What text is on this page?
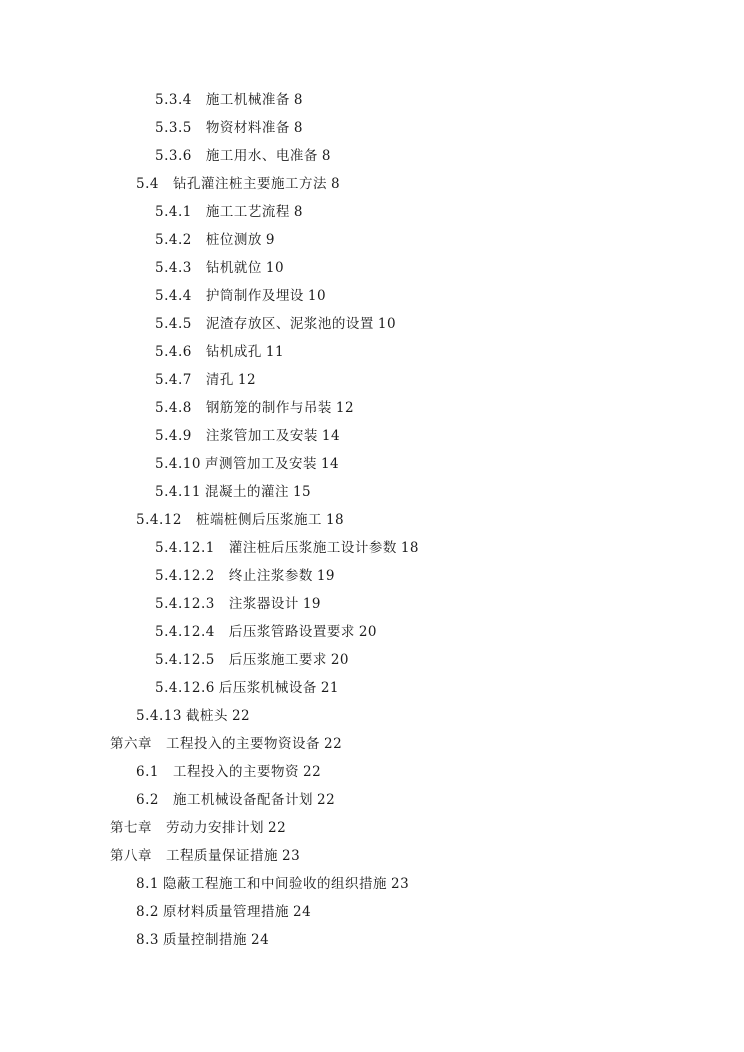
5.3.4 施工机械准备 8
5.3.5 物资材料准备 8
5.3.6 施工用水、电准备 8
5.4 钻孔灌注桩主要施工方法 8
5.4.1 施工工艺流程 8
5.4.2 桩位测放 9
5.4.3 钻机就位 10
5.4.4 护筒制作及埋设 10
5.4.5 泥渣存放区、泥浆池的设置 10
5.4.6 钻机成孔 11
5.4.7 清孔 12
5.4.8 钢筋笼的制作与吊装 12
5.4.9 注浆管加工及安装 14
5.4.10 声测管加工及安装 14
5.4.11 混凝土的灌注 15
5.4.12 桩端桩侧后压浆施工 18
5.4.12.1 灌注桩后压浆施工设计参数 18
5.4.12.2 终止注浆参数 19
5.4.12.3 注浆器设计 19
5.4.12.4 后压浆管路设置要求 20
5.4.12.5 后压浆施工要求 20
5.4.12.6 后压浆机械设备 21
5.4.13 截桩头 22
第六章 工程投入的主要物资设备 22
6.1 工程投入的主要物资 22
6.2 施工机械设备配备计划 22
第七章 劳动力安排计划 22
第八章 工程质量保证措施 23
8.1 隐蔽工程施工和中间验收的组织措施 23
8.2 原材料质量管理措施 24
8.3 质量控制措施 24
